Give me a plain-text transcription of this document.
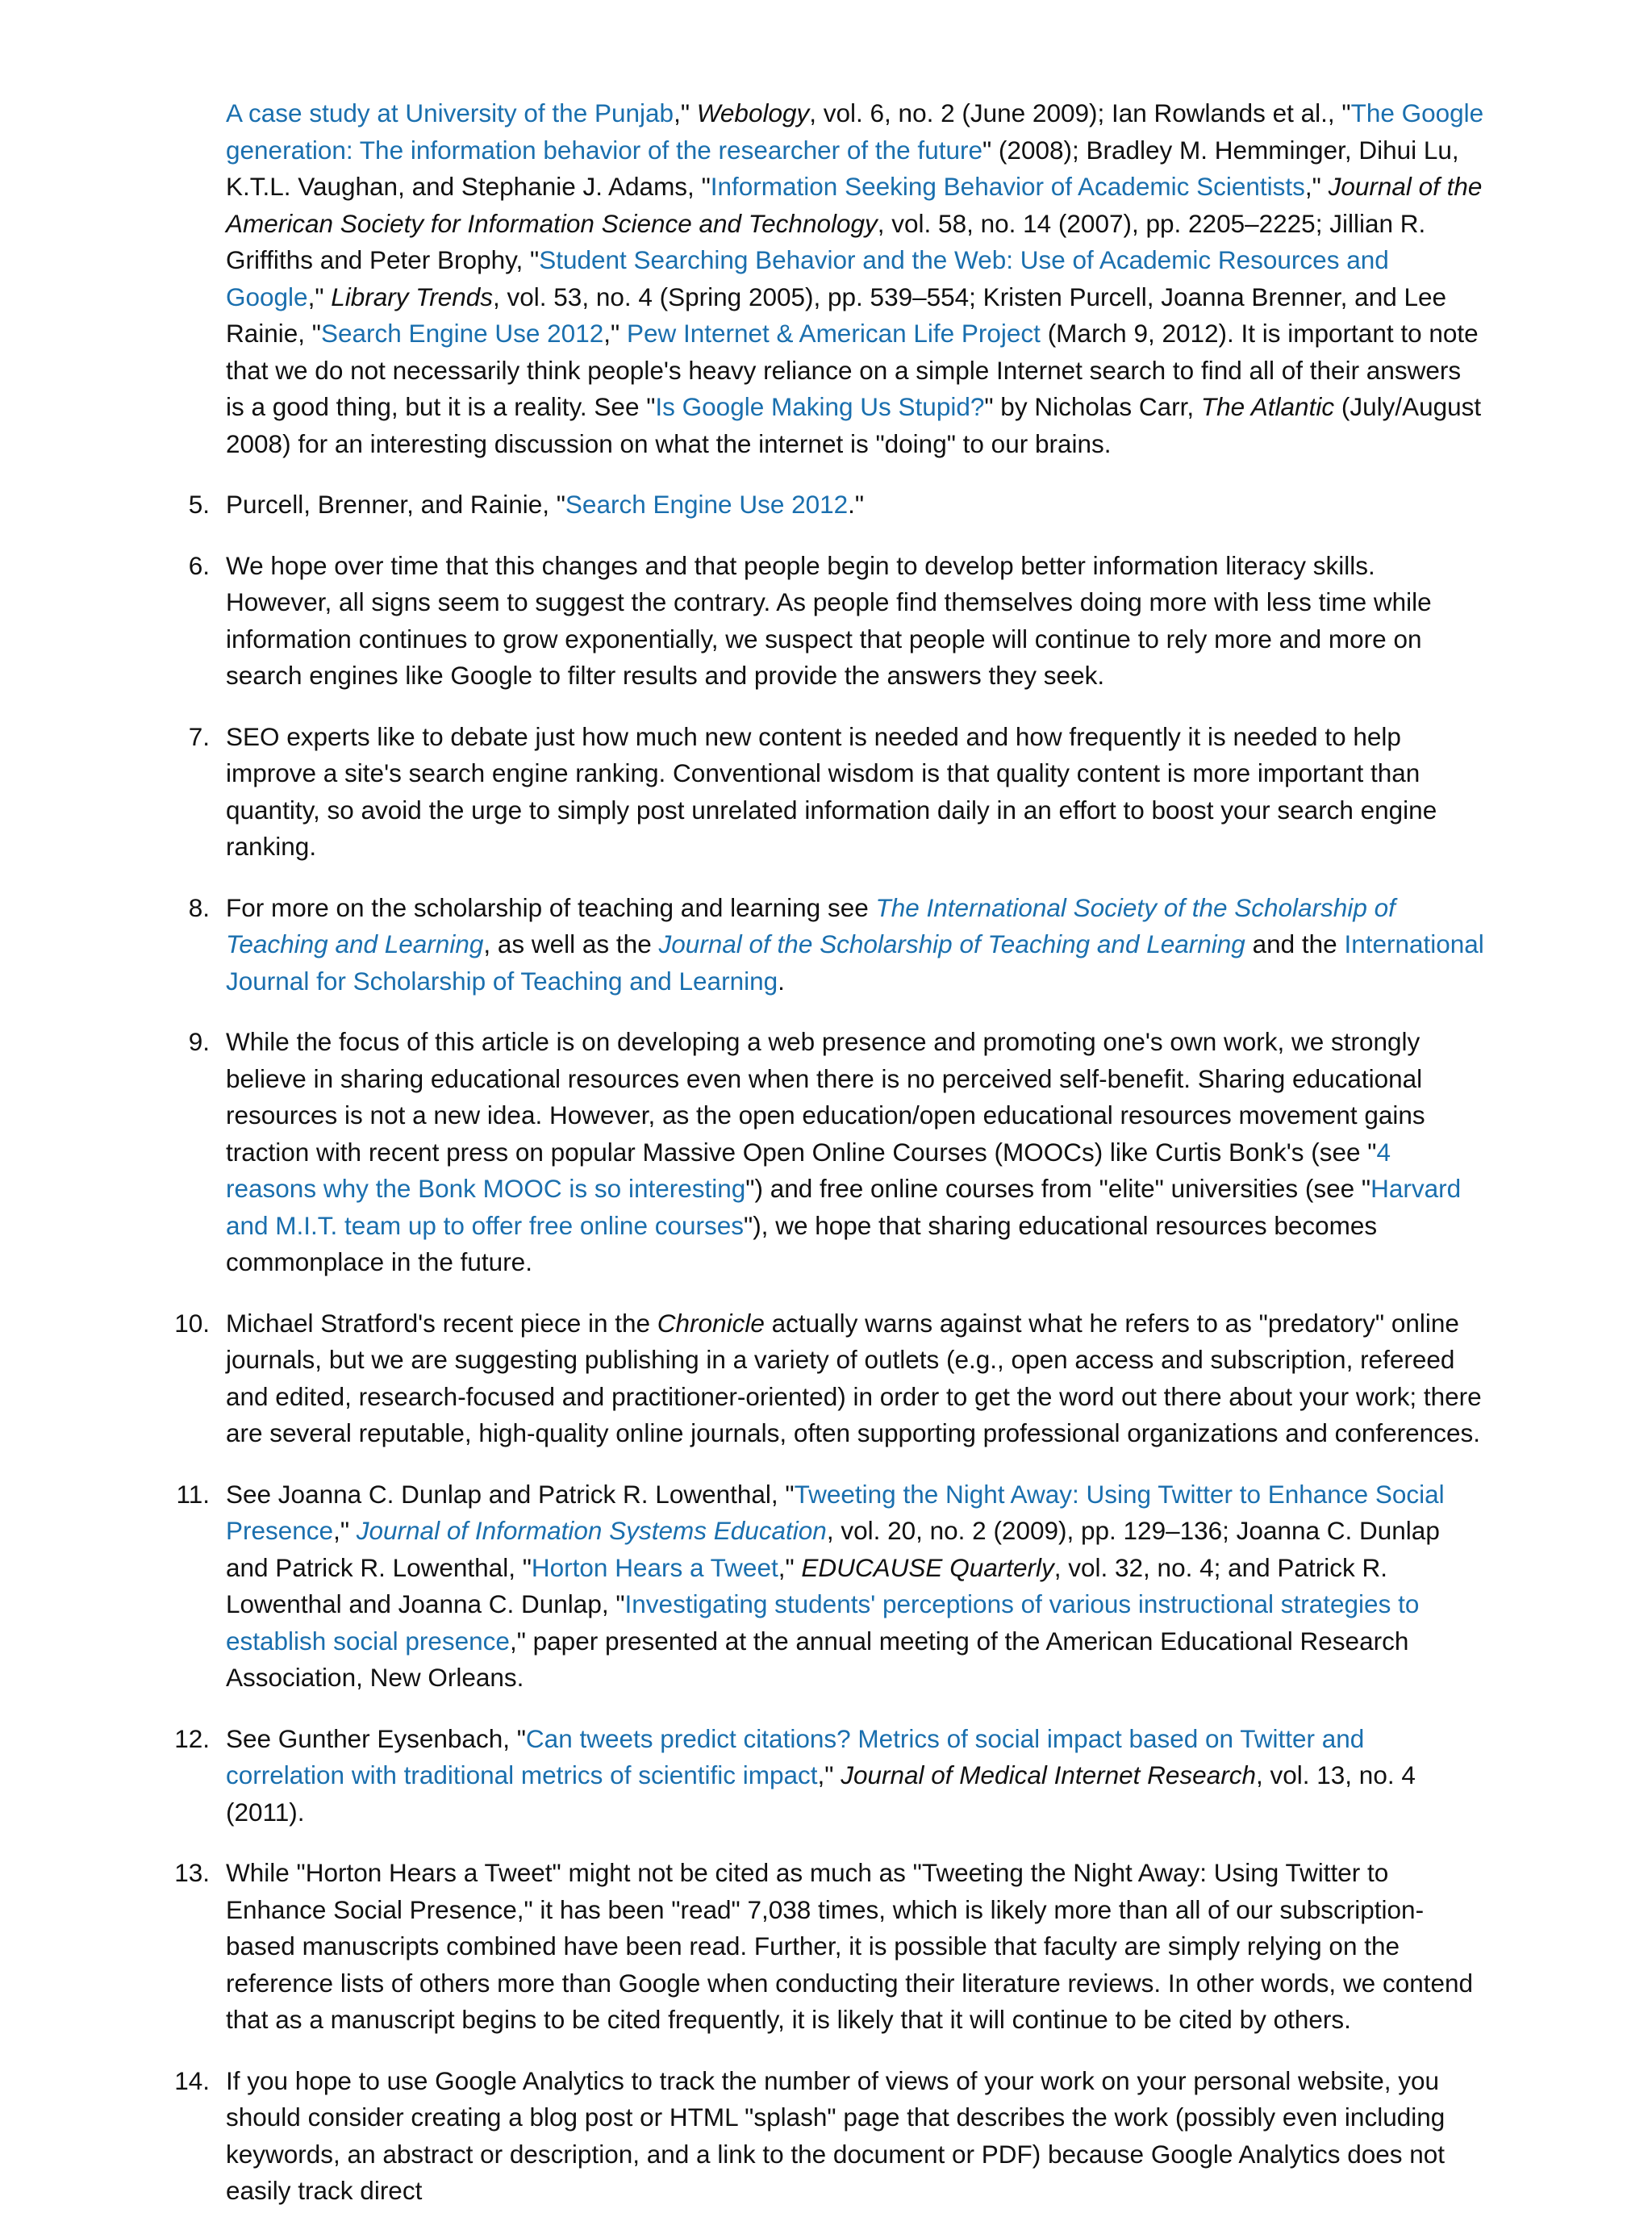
A case study at University of the Punjab," Webology, vol. 6, no. 2 (June 2009); Ian Rowlands et al., "The Google generation: The information behavior of the researcher of the future" (2008); Bradley M. Hemminger, Dihui Lu, K.T.L. Vaughan, and Stephanie J. Adams, "Information Seeking Behavior of Academic Scientists," Journal of the American Society for Information Science and Technology, vol. 58, no. 14 (2007), pp. 2205–2225; Jillian R. Griffiths and Peter Brophy, "Student Searching Behavior and the Web: Use of Academic Resources and Google," Library Trends, vol. 53, no. 4 (Spring 2005), pp. 539–554; Kristen Purcell, Joanna Brenner, and Lee Rainie, "Search Engine Use 2012," Pew Internet & American Life Project (March 9, 2012). It is important to note that we do not necessarily think people's heavy reliance on a simple Internet search to find all of their answers is a good thing, but it is a reality. See "Is Google Making Us Stupid?" by Nicholas Carr, The Atlantic (July/August 2008) for an interesting discussion on what the internet is "doing" to our brains.
5. Purcell, Brenner, and Rainie, "Search Engine Use 2012."
6. We hope over time that this changes and that people begin to develop better information literacy skills. However, all signs seem to suggest the contrary. As people find themselves doing more with less time while information continues to grow exponentially, we suspect that people will continue to rely more and more on search engines like Google to filter results and provide the answers they seek.
7. SEO experts like to debate just how much new content is needed and how frequently it is needed to help improve a site's search engine ranking. Conventional wisdom is that quality content is more important than quantity, so avoid the urge to simply post unrelated information daily in an effort to boost your search engine ranking.
8. For more on the scholarship of teaching and learning see The International Society of the Scholarship of Teaching and Learning, as well as the Journal of the Scholarship of Teaching and Learning and the International Journal for Scholarship of Teaching and Learning.
9. While the focus of this article is on developing a web presence and promoting one's own work, we strongly believe in sharing educational resources even when there is no perceived self-benefit. Sharing educational resources is not a new idea. However, as the open education/open educational resources movement gains traction with recent press on popular Massive Open Online Courses (MOOCs) like Curtis Bonk's (see "4 reasons why the Bonk MOOC is so interesting") and free online courses from "elite" universities (see "Harvard and M.I.T. team up to offer free online courses"), we hope that sharing educational resources becomes commonplace in the future.
10. Michael Stratford's recent piece in the Chronicle actually warns against what he refers to as "predatory" online journals, but we are suggesting publishing in a variety of outlets (e.g., open access and subscription, refereed and edited, research-focused and practitioner-oriented) in order to get the word out there about your work; there are several reputable, high-quality online journals, often supporting professional organizations and conferences.
11. See Joanna C. Dunlap and Patrick R. Lowenthal, "Tweeting the Night Away: Using Twitter to Enhance Social Presence," Journal of Information Systems Education, vol. 20, no. 2 (2009), pp. 129–136; Joanna C. Dunlap and Patrick R. Lowenthal, "Horton Hears a Tweet," EDUCAUSE Quarterly, vol. 32, no. 4; and Patrick R. Lowenthal and Joanna C. Dunlap, "Investigating students' perceptions of various instructional strategies to establish social presence," paper presented at the annual meeting of the American Educational Research Association, New Orleans.
12. See Gunther Eysenbach, "Can tweets predict citations? Metrics of social impact based on Twitter and correlation with traditional metrics of scientific impact," Journal of Medical Internet Research, vol. 13, no. 4 (2011).
13. While "Horton Hears a Tweet" might not be cited as much as "Tweeting the Night Away: Using Twitter to Enhance Social Presence," it has been "read" 7,038 times, which is likely more than all of our subscription-based manuscripts combined have been read. Further, it is possible that faculty are simply relying on the reference lists of others more than Google when conducting their literature reviews. In other words, we contend that as a manuscript begins to be cited frequently, it is likely that it will continue to be cited by others.
14. If you hope to use Google Analytics to track the number of views of your work on your personal website, you should consider creating a blog post or HTML "splash" page that describes the work (possibly even including keywords, an abstract or description, and a link to the document or PDF) because Google Analytics does not easily track direct
